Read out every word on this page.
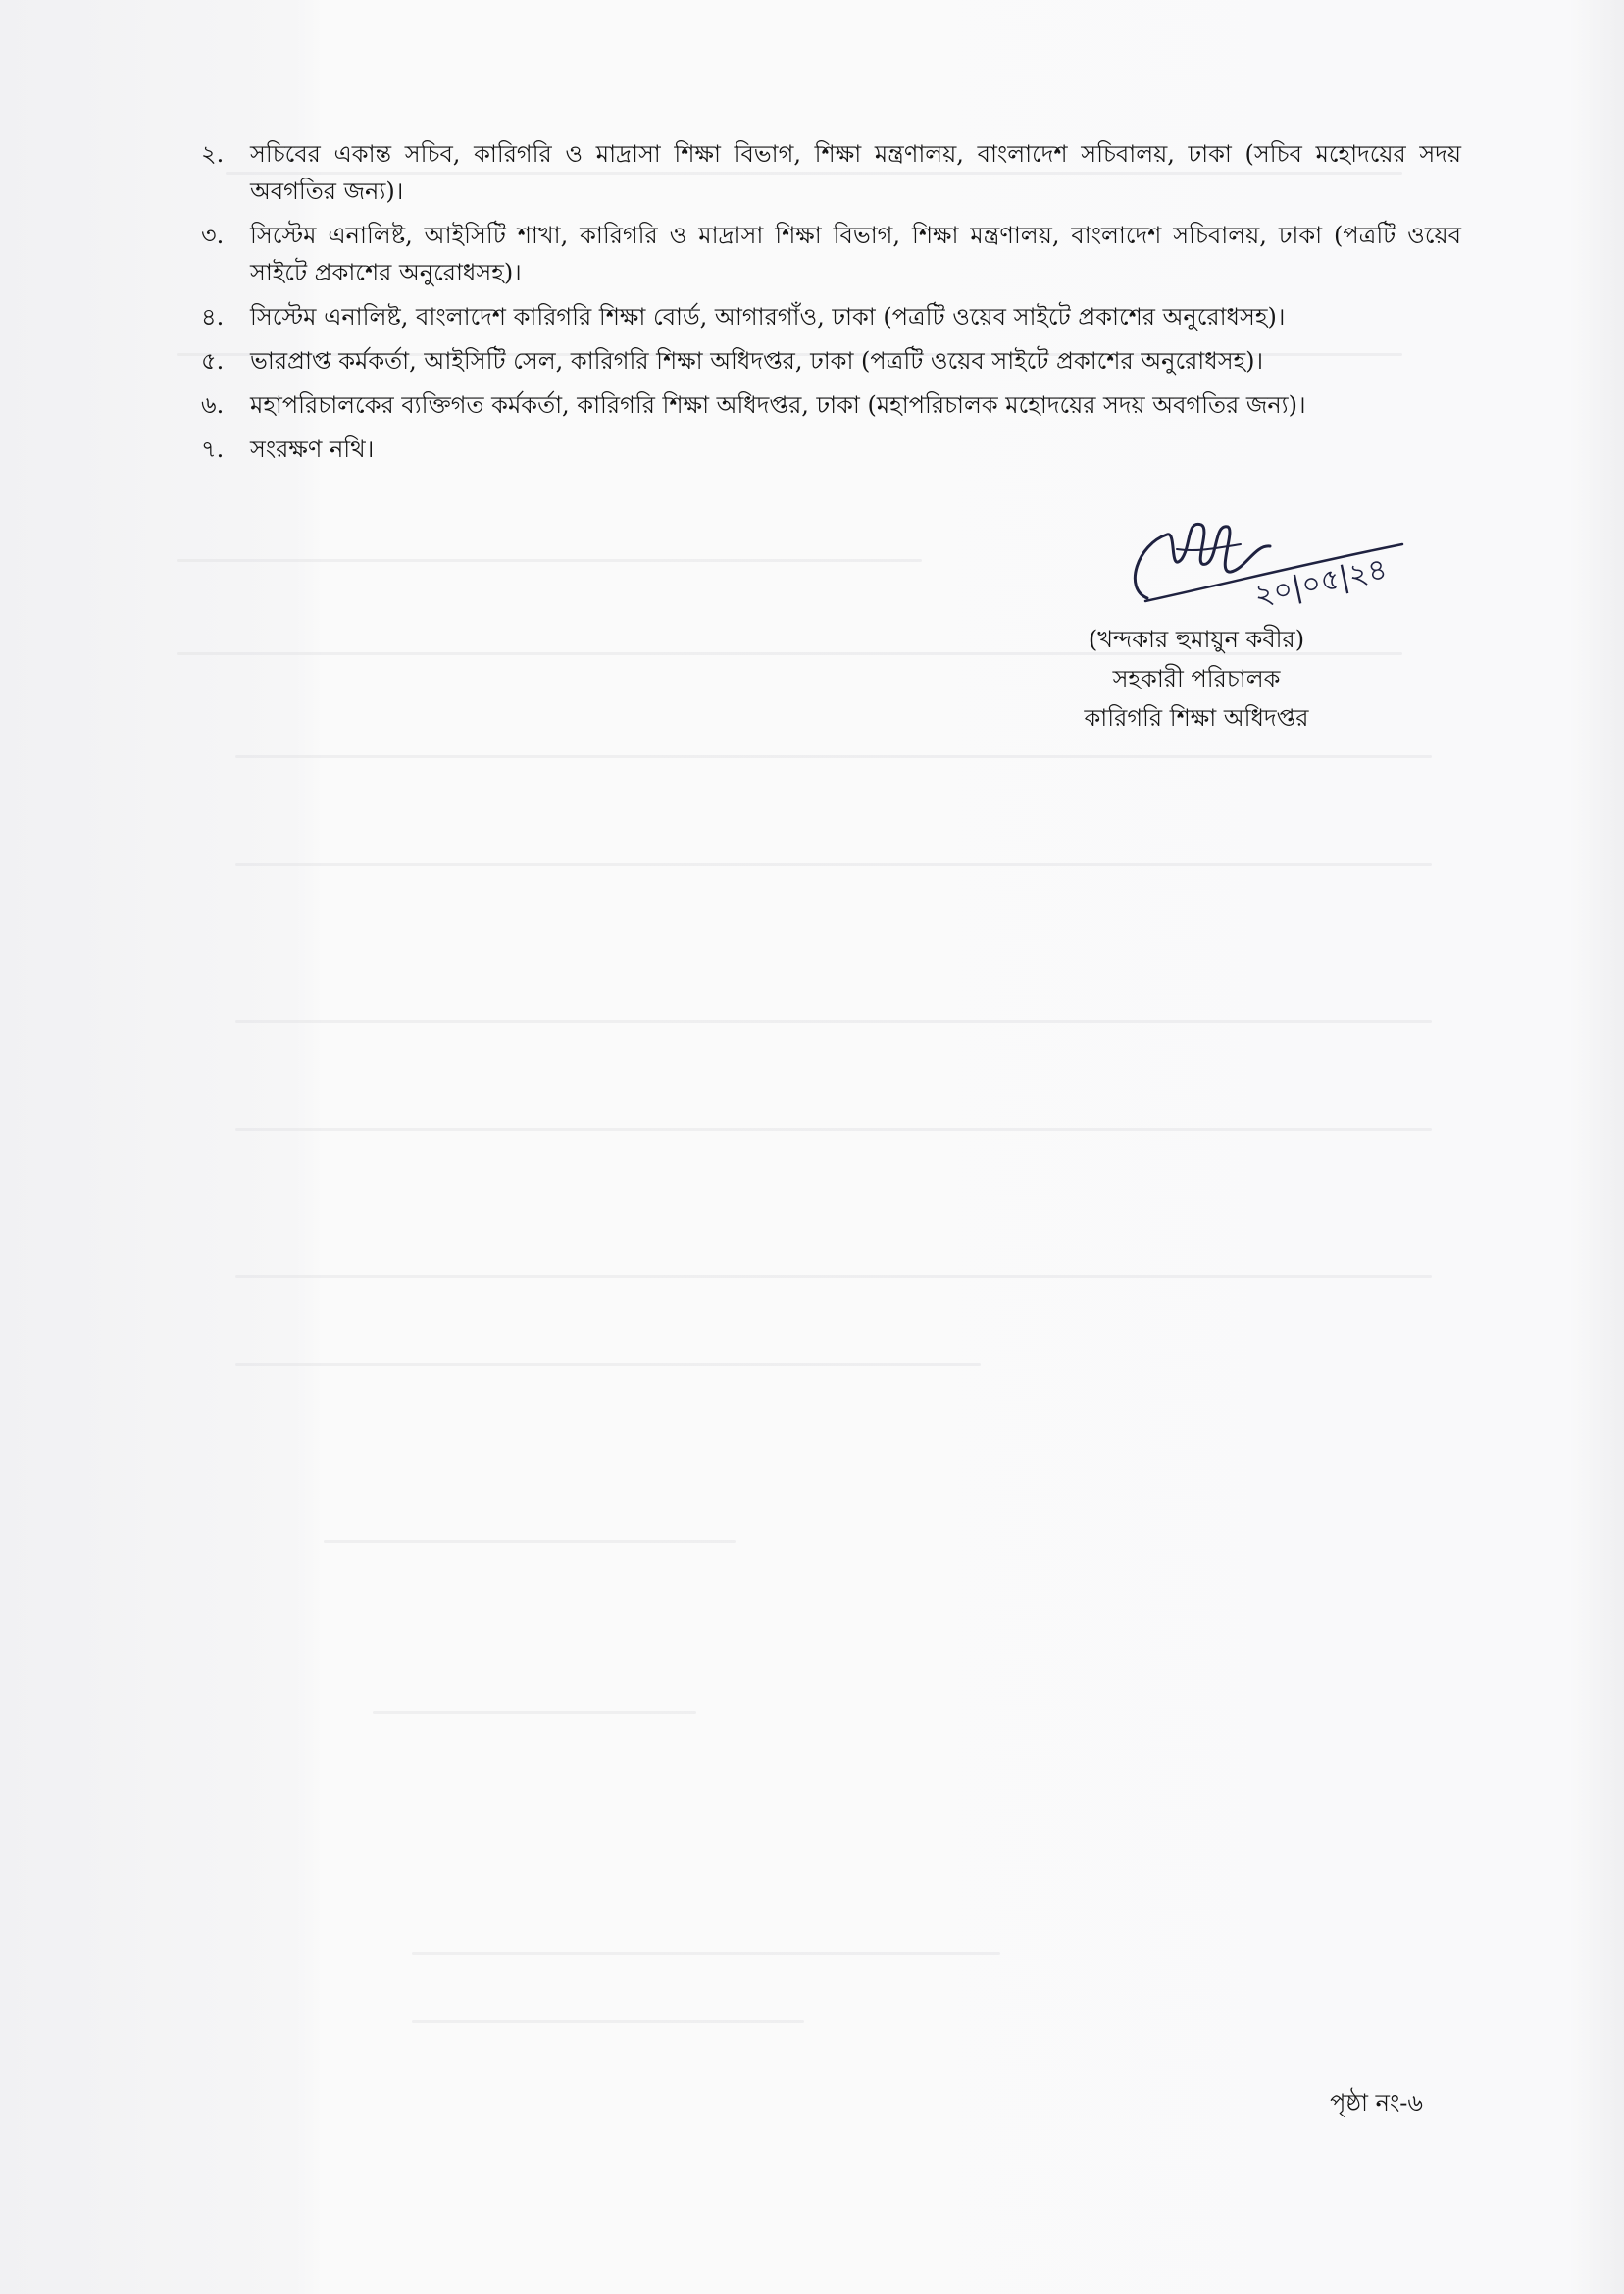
২.	সচিবের একান্ত সচিব, কারিগরি ও মাদ্রাসা শিক্ষা বিভাগ, শিক্ষা মন্ত্রণালয়, বাংলাদেশ সচিবালয়, ঢাকা (সচিব মহোদয়ের সদয় অবগতির জন্য)।
৩.	সিস্টেম এনালিষ্ট, আইসিটি শাখা, কারিগরি ও মাদ্রাসা শিক্ষা বিভাগ, শিক্ষা মন্ত্রণালয়, বাংলাদেশ সচিবালয়, ঢাকা (পত্রটি ওয়েব সাইটে প্রকাশের অনুরোধসহ)।
৪.	সিস্টেম এনালিষ্ট, বাংলাদেশ কারিগরি শিক্ষা বোর্ড, আগারগাঁও, ঢাকা (পত্রটি ওয়েব সাইটে প্রকাশের অনুরোধসহ)।
৫.	ভারপ্রাপ্ত কর্মকর্তা, আইসিটি সেল, কারিগরি শিক্ষা অধিদপ্তর, ঢাকা (পত্রটি ওয়েব সাইটে প্রকাশের অনুরোধসহ)।
৬.	মহাপরিচালকের ব্যক্তিগত কর্মকর্তা, কারিগরি শিক্ষা অধিদপ্তর, ঢাকা (মহাপরিচালক মহোদয়ের সদয় অবগতির জন্য)।
৭.	সংরক্ষণ নথি।
২০|০৫|২৪
(খন্দকার হুমায়ুন কবীর)
সহকারী পরিচালক
কারিগরি শিক্ষা অধিদপ্তর
পৃষ্ঠা নং-৬
